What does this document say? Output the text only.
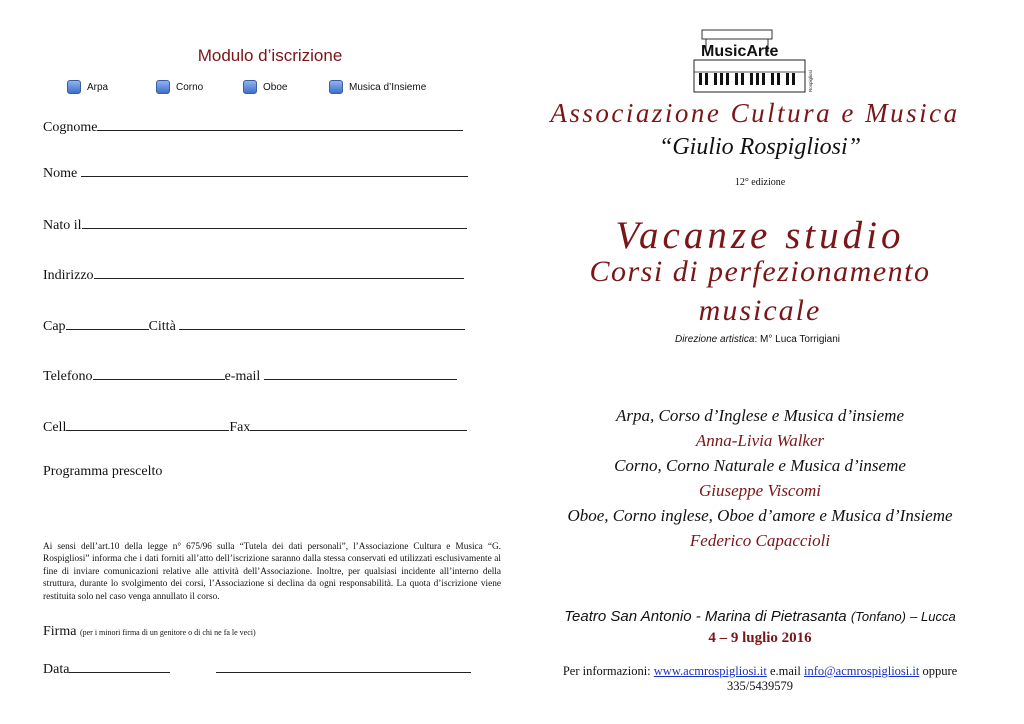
Modulo d’iscrizione
Arpa	Corno	Oboe	Musica d’Insieme
Cognome
Nome
Nato il
Indirizzo
Cap	Città
Telefono	e-mail
Cell	Fax
Programma prescelto
Ai sensi dell’art.10 della legge n° 675/96 sulla “Tutela dei dati personali”, l’Associazione Cultura e Musica “G. Rospigliosi” informa che i dati forniti all’atto dell’iscrizione saranno dalla stessa conservati ed utilizzati esclusivamente al fine di inviare comunicazioni relative alle attività dell’Associazione. Inoltre, per qualsiasi incidente all’interno della struttura, durante lo svolgimento dei corsi, l’Associazione si declina da ogni responsabilità. La quota d’iscrizione viene restituita solo nel caso venga annullato il corso.
Firma (per i minori firma di un genitore o di chi ne fa le veci)
Data
MusicArte
Rospigliosi
Associazione Cultura e Musica
“Giulio Rospigliosi”
12° edizione
Vacanze studio
Corsi di perfezionamento
musicale
Direzione artistica: M° Luca Torrigiani
Arpa, Corso d’Inglese e Musica d’insieme
Anna-Livia Walker
Corno, Corno Naturale e Musica d’inseme
Giuseppe Viscomi
Oboe, Corno inglese, Oboe d’amore e Musica d’Insieme
Federico Capaccioli
Teatro San Antonio - Marina di Pietrasanta (Tonfano) – Lucca
4 – 9 luglio 2016
Per informazioni: www.acmrospigliosi.it e.mail info@acmrospigliosi.it oppure
335/5439579
